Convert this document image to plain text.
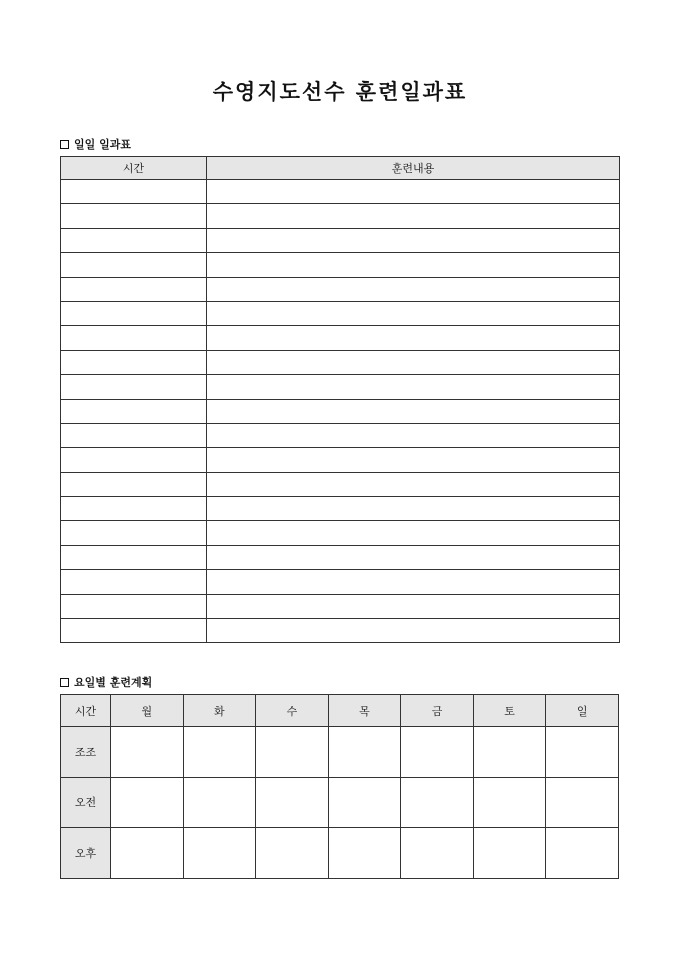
수영지도선수 훈련일과표
일일 일과표
시간	훈련내용

요일별 훈련계획
시간	월	화	수	목	금	토	일
조조							
오전							
오후							
